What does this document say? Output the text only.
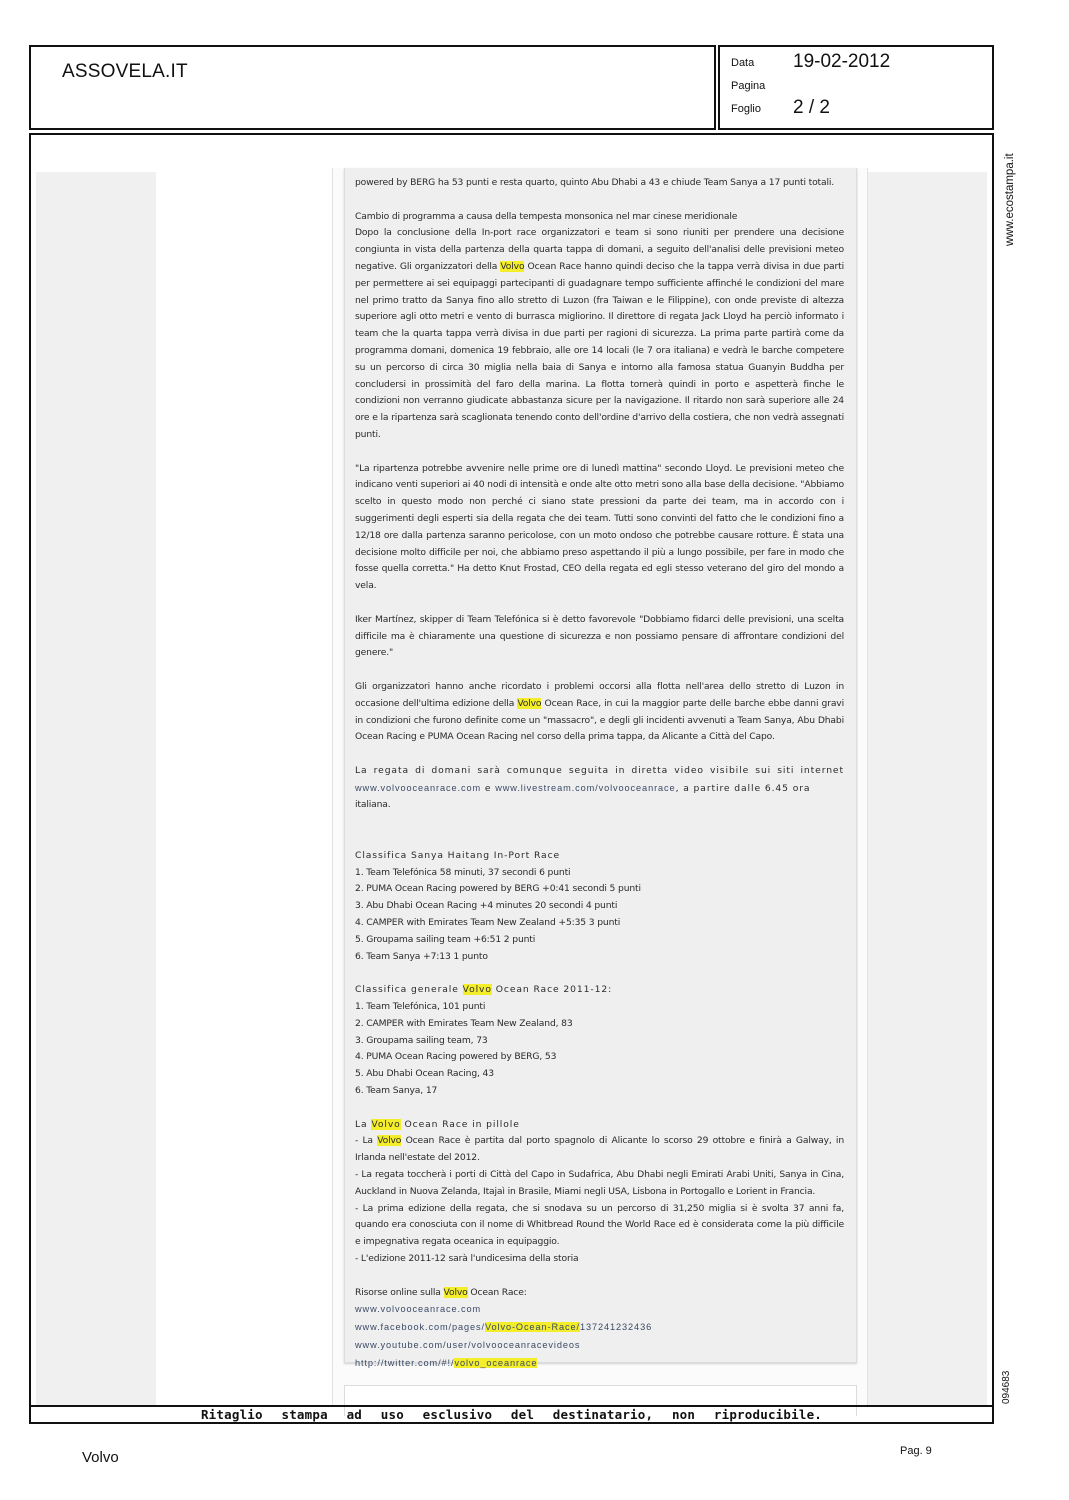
ASSOVELA.IT	Data 19-02-2012
Pagina
Foglio 2 / 2
www.ecostampa.it
094683

powered by BERG ha 53 punti e resta quarto, quinto Abu Dhabi a 43 e chiude Team Sanya a 17 punti totali.

Cambio di programma a causa della tempesta monsonica nel mar cinese meridionale

Dopo la conclusione della In-port race organizzatori e team si sono riuniti per prendere una decisione congiunta in vista della partenza della quarta tappa di domani, a seguito dell'analisi delle previsioni meteo negative. Gli organizzatori della Volvo Ocean Race hanno quindi deciso che la tappa verrà divisa in due parti per permettere ai sei equipaggi partecipanti di guadagnare tempo sufficiente affinché le condizioni del mare nel primo tratto da Sanya fino allo stretto di Luzon (fra Taiwan e le Filippine), con onde previste di altezza superiore agli otto metri e vento di burrasca migliorino. Il direttore di regata Jack Lloyd ha perciò informato i team che la quarta tappa verrà divisa in due parti per ragioni di sicurezza. La prima parte partirà come da programma domani, domenica 19 febbraio, alle ore 14 locali (le 7 ora italiana) e vedrà le barche competere su un percorso di circa 30 miglia nella baia di Sanya e intorno alla famosa statua Guanyin Buddha per concludersi in prossimità del faro della marina. La flotta tornerà quindi in porto e aspetterà finche le condizioni non verranno giudicate abbastanza sicure per la navigazione. Il ritardo non sarà superiore alle 24 ore e la ripartenza sarà scaglionata tenendo conto dell'ordine d'arrivo della costiera, che non vedrà assegnati punti.

"La ripartenza potrebbe avvenire nelle prime ore di lunedì mattina" secondo Lloyd. Le previsioni meteo che indicano venti superiori ai 40 nodi di intensità e onde alte otto metri sono alla base della decisione. "Abbiamo scelto in questo modo non perché ci siano state pressioni da parte dei team, ma in accordo con i suggerimenti degli esperti sia della regata che dei team. Tutti sono convinti del fatto che le condizioni fino a 12/18 ore dalla partenza saranno pericolose, con un moto ondoso che potrebbe causare rotture. È stata una decisione molto difficile per noi, che abbiamo preso aspettando il più a lungo possibile, per fare in modo che fosse quella corretta." Ha detto Knut Frostad, CEO della regata ed egli stesso veterano del giro del mondo a vela.

Iker Martínez, skipper di Team Telefónica si è detto favorevole "Dobbiamo fidarci delle previsioni, una scelta difficile ma è chiaramente una questione di sicurezza e non possiamo pensare di affrontare condizioni del genere."

Gli organizzatori hanno anche ricordato i problemi occorsi alla flotta nell'area dello stretto di Luzon in occasione dell'ultima edizione della Volvo Ocean Race, in cui la maggior parte delle barche ebbe danni gravi in condizioni che furono definite come un "massacro", e degli gli incidenti avvenuti a Team Sanya, Abu Dhabi Ocean Racing e PUMA Ocean Racing nel corso della prima tappa, da Alicante a Città del Capo.

La regata di domani sarà comunque seguita in diretta video visibile sui siti internet

www.volvooceanrace.com e www.livestream.com/volvooceanrace, a partire dalle 6.45 ora

italiana.

Classifica Sanya Haitang In-Port Race

1. Team Telefónica 58 minuti, 37 secondi 6 punti

2. PUMA Ocean Racing powered by BERG +0:41 secondi 5 punti

3. Abu Dhabi Ocean Racing +4 minutes 20 secondi 4 punti

4. CAMPER with Emirates Team New Zealand +5:35 3 punti

5. Groupama sailing team +6:51 2 punti

6. Team Sanya +7:13 1 punto

Classifica generale Volvo Ocean Race 2011-12:

1. Team Telefónica, 101 punti

2. CAMPER with Emirates Team New Zealand, 83

3. Groupama sailing team, 73

4. PUMA Ocean Racing powered by BERG, 53

5. Abu Dhabi Ocean Racing, 43

6. Team Sanya, 17

La Volvo Ocean Race in pillole

- La Volvo Ocean Race è partita dal porto spagnolo di Alicante lo scorso 29 ottobre e finirà a Galway, in Irlanda nell'estate del 2012.

- La regata toccherà i porti di Città del Capo in Sudafrica, Abu Dhabi negli Emirati Arabi Uniti, Sanya in Cina, Auckland in Nuova Zelanda, Itajaì in Brasile, Miami negli USA, Lisbona in Portogallo e Lorient in Francia.

- La prima edizione della regata, che si snodava su un percorso di 31,250 miglia si è svolta 37 anni fa, quando era conosciuta con il nome di Whitbread Round the World Race ed è considerata come la più difficile e impegnativa regata oceanica in equipaggio.

- L'edizione 2011-12 sarà l'undicesima della storia

Risorse online sulla Volvo Ocean Race:

www.volvooceanrace.com

www.facebook.com/pages/Volvo-Ocean-Race/137241232436

www.youtube.com/user/volvooceanracevideos

http://twitter.com/#!/volvo_oceanrace

Ritaglio stampa ad uso esclusivo del destinatario, non riproducibile.
Volvo	Pag. 9
